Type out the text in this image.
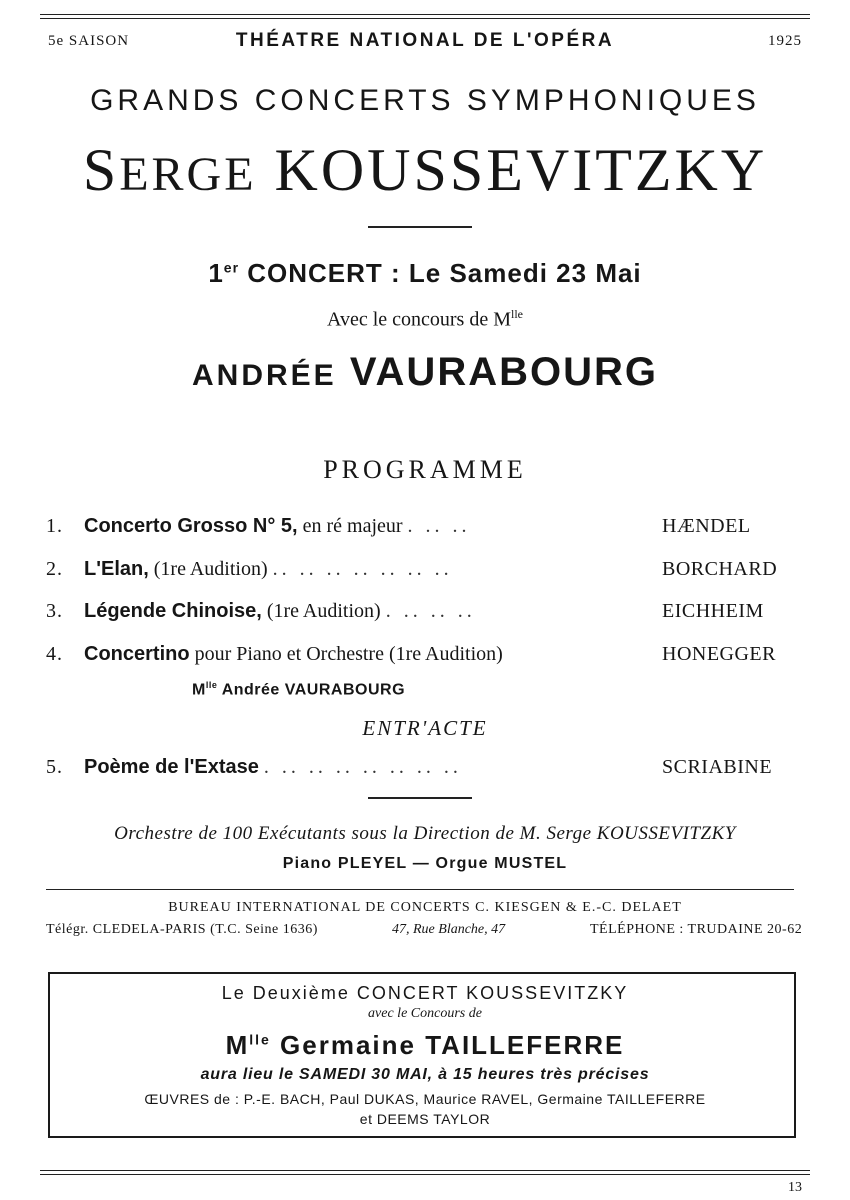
5e SAISON	THÉATRE NATIONAL DE L'OPÉRA	1925
GRANDS CONCERTS SYMPHONIQUES
SERGE KOUSSEVITZKY
1er CONCERT : Le Samedi 23 Mai
Avec le concours de $M^{lle}$
ANDRÉE VAURABOURG
PROGRAMME
1. Concerto Grosso N° 5, en ré majeur . .. ..	HÆNDEL
2. L'Elan, (1re Audition) .. .. .. .. .. .. ..	BORCHARD
3. Légende Chinoise, (1re Audition) . .. .. ..	EICHHEIM
4. Concertino pour Piano et Orchestre (1re Audition)	HONEGGER
$M^{lle}$ Andrée VAURABOURG
ENTR'ACTE
5. Poème de l'Extase . .. .. .. .. .. .. ..	SCRIABINE
Orchestre de 100 Exécutants sous la Direction de M. Serge KOUSSEVITZKY
Piano PLEYEL — Orgue MUSTEL
BUREAU INTERNATIONAL DE CONCERTS C. KIESGEN & E.-C. DELAET
Télégr. CLEDELA-PARIS (T.C. Seine 1636)	47, Rue Blanche, 47	TÉLÉPHONE : TRUDAINE 20-62
Le Deuxième CONCERT KOUSSEVITZKY
avec le Concours de
$M^{lle}$ Germaine TAILLEFERRE
aura lieu le SAMEDI 30 MAI, à 15 heures très précises
ŒUVRES de : P.-E. BACH, Paul DUKAS, Maurice RAVEL, Germaine TAILLEFERRE
et DEEMS TAYLOR
13
